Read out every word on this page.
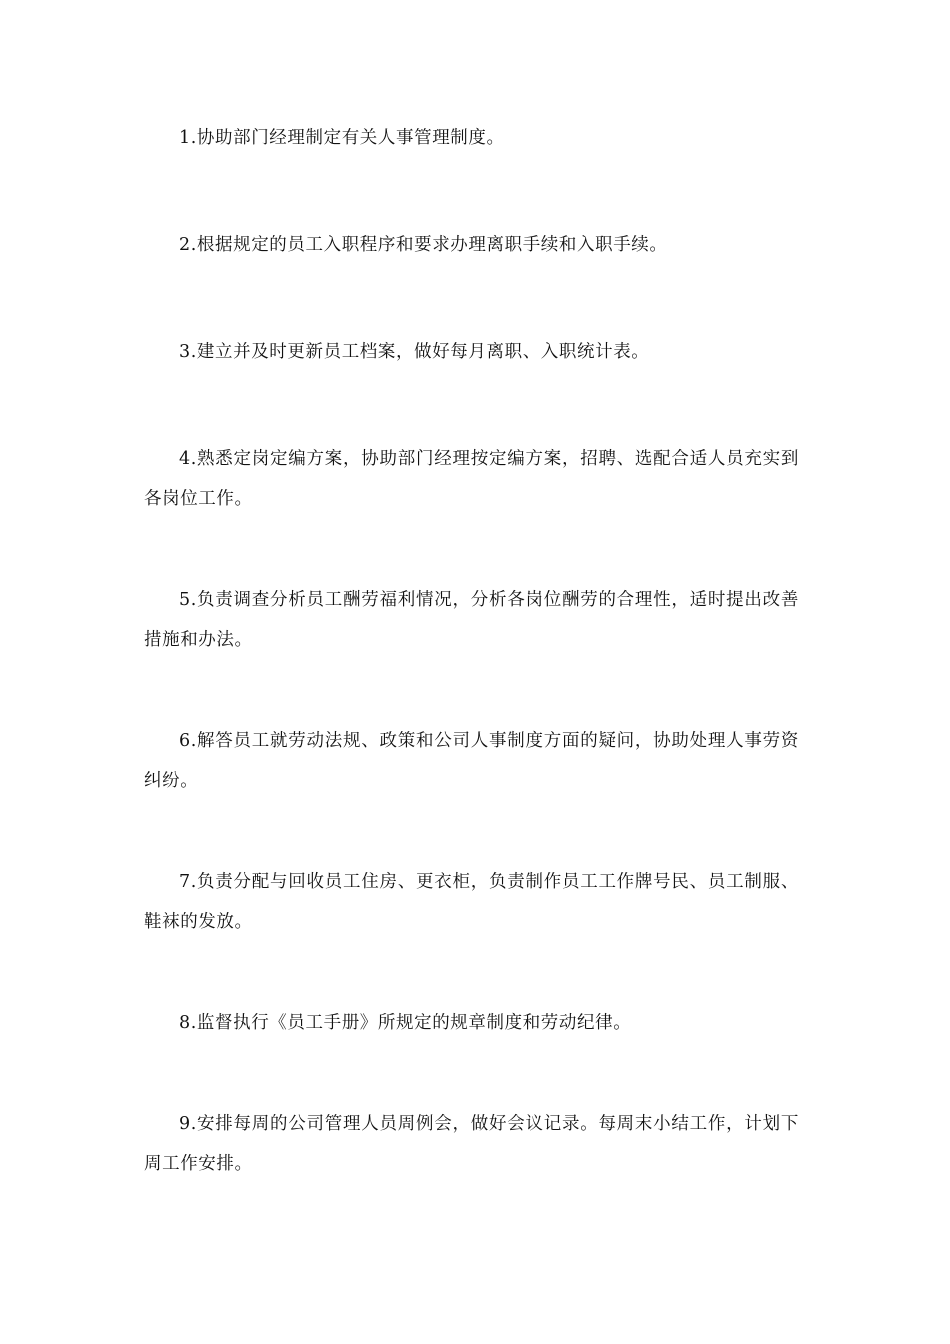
1.协助部门经理制定有关人事管理制度。

2.根据规定的员工入职程序和要求办理离职手续和入职手续。

3.建立并及时更新员工档案，做好每月离职、入职统计表。

4.熟悉定岗定编方案，协助部门经理按定编方案，招聘、选配合适人员充实到各岗位工作。

5.负责调查分析员工酬劳福利情况，分析各岗位酬劳的合理性，适时提出改善措施和办法。

6.解答员工就劳动法规、政策和公司人事制度方面的疑问，协助处理人事劳资纠纷。

7.负责分配与回收员工住房、更衣柜，负责制作员工工作牌号民、员工制服、鞋袜的发放。

8.监督执行《员工手册》所规定的规章制度和劳动纪律。

9.安排每周的公司管理人员周例会，做好会议记录。每周末小结工作，计划下周工作安排。
